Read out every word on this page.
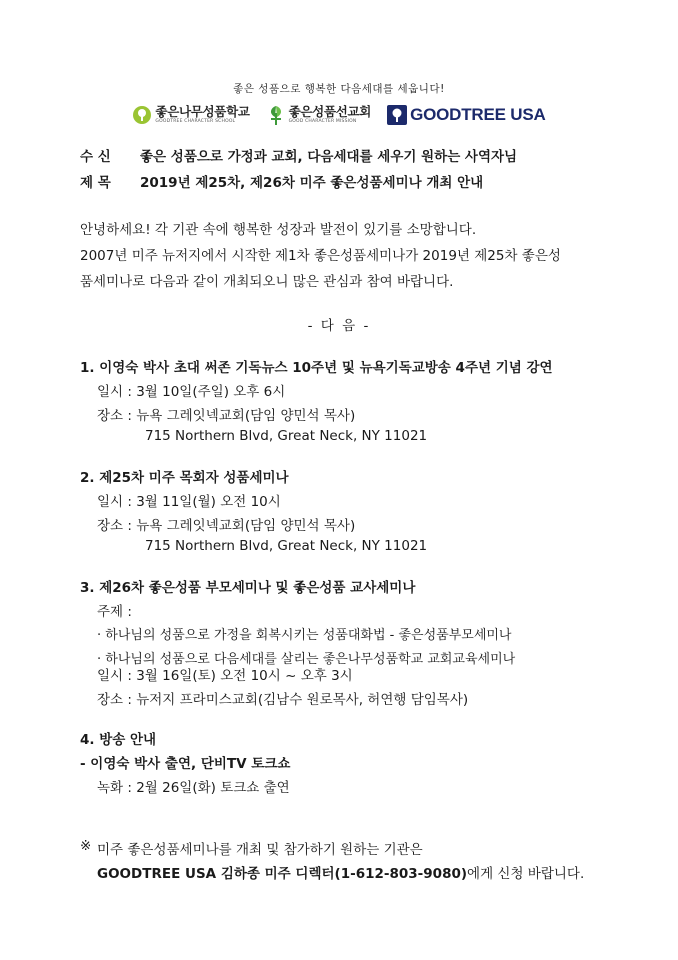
좋은 성품으로 행복한 다음세대를 세웁니다!
좋은나무성품학교
GOODTREE CHARACTER SCHOOL
좋은성품선교회
GOOD CHARACTER MISSION	GOODTREE USA
수 신 좋은 성품으로 가정과 교회, 다음세대를 세우기 원하는 사역자님
제 목 2019년 제25차, 제26차 미주 좋은성품세미나 개최 안내
안녕하세요! 각 기관 속에 행복한 성장과 발전이 있기를 소망합니다.
2007년 미주 뉴저지에서 시작한 제1차 좋은성품세미나가 2019년 제25차 좋은성
품세미나로 다음과 같이 개최되오니 많은 관심과 참여 바랍니다.
- 다 음 -
1. 이영숙 박사 초대 써존 기독뉴스 10주년 및 뉴욕기독교방송 4주년 기념 강연
일시 : 3월 10일(주일) 오후 6시
장소 : 뉴욕 그레잇넥교회(담임 양민석 목사)
715 Northern Blvd, Great Neck, NY 11021
2. 제25차 미주 목회자 성품세미나
일시 : 3월 11일(월) 오전 10시
장소 : 뉴욕 그레잇넥교회(담임 양민석 목사)
715 Northern Blvd, Great Neck, NY 11021
3. 제26차 좋은성품 부모세미나 및 좋은성품 교사세미나
주제 :
· 하나님의 성품으로 가정을 회복시키는 성품대화법 - 좋은성품부모세미나
· 하나님의 성품으로 다음세대를 살리는 좋은나무성품학교 교회교육세미나
일시 : 3월 16일(토) 오전 10시 ~ 오후 3시
장소 : 뉴저지 프라미스교회(김남수 원로목사, 허연행 담임목사)
4. 방송 안내
- 이영숙 박사 출연, 단비TV 토크쇼
녹화 : 2월 26일(화) 토크쇼 출연
※ 미주 좋은성품세미나를 개최 및 참가하기 원하는 기관은
GOODTREE USA 김하종 미주 디렉터(1-612-803-9080)에게 신청 바랍니다.
